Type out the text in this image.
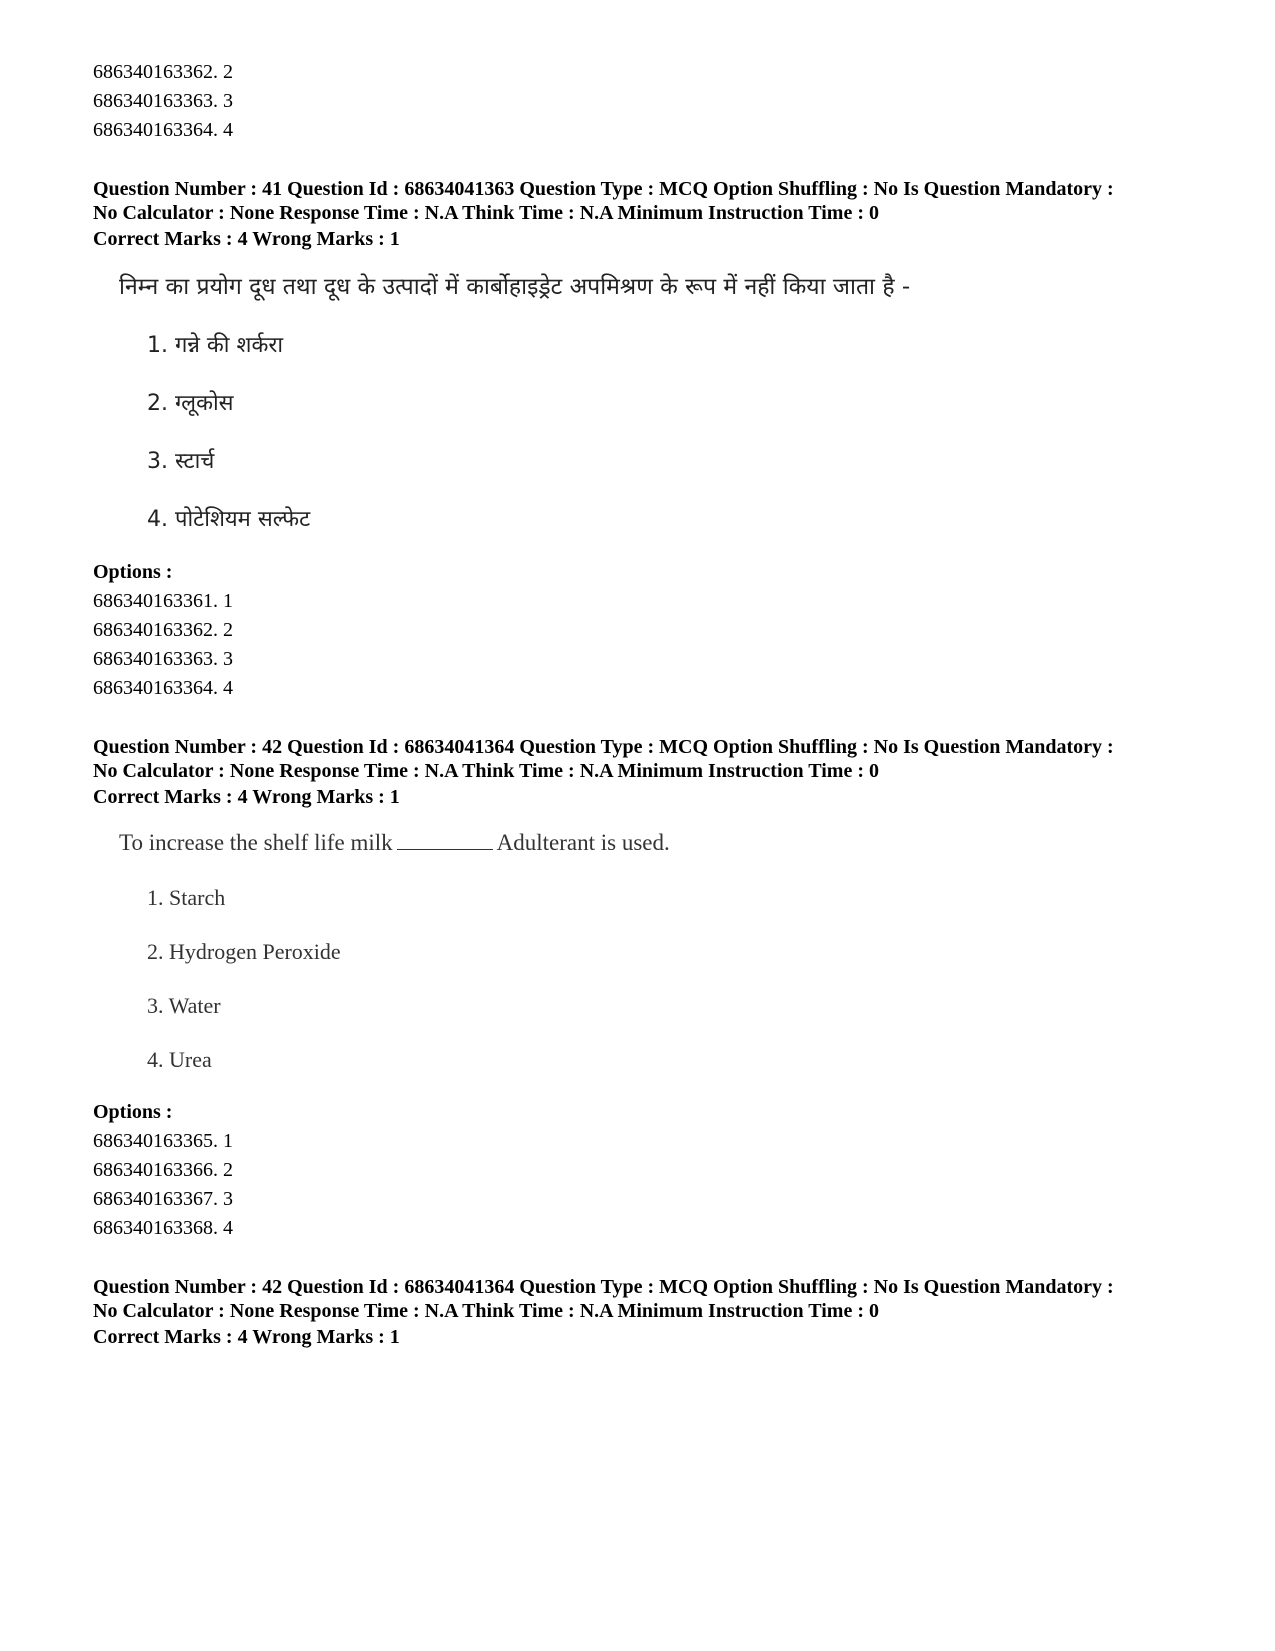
686340163362. 2
686340163363. 3
686340163364. 4
Question Number : 41 Question Id : 68634041363 Question Type : MCQ Option Shuffling : No Is Question Mandatory :
No Calculator : None Response Time : N.A Think Time : N.A Minimum Instruction Time : 0
Correct Marks : 4 Wrong Marks : 1
निम्न का प्रयोग दूध तथा दूध के उत्पादों में कार्बोहाइड्रेट अपमिश्रण के रूप में नहीं किया जाता है -
1. गन्ने की शर्करा
2. ग्लूकोस
3. स्टार्च
4. पोटेशियम सल्फेट
Options :
686340163361. 1
686340163362. 2
686340163363. 3
686340163364. 4
Question Number : 42 Question Id : 68634041364 Question Type : MCQ Option Shuffling : No Is Question Mandatory :
No Calculator : None Response Time : N.A Think Time : N.A Minimum Instruction Time : 0
Correct Marks : 4 Wrong Marks : 1
To increase the shelf life milk	Adulterant is used.
1. Starch
2. Hydrogen Peroxide
3. Water
4. Urea
Options :
686340163365. 1
686340163366. 2
686340163367. 3
686340163368. 4
Question Number : 42 Question Id : 68634041364 Question Type : MCQ Option Shuffling : No Is Question Mandatory :
No Calculator : None Response Time : N.A Think Time : N.A Minimum Instruction Time : 0
Correct Marks : 4 Wrong Marks : 1
